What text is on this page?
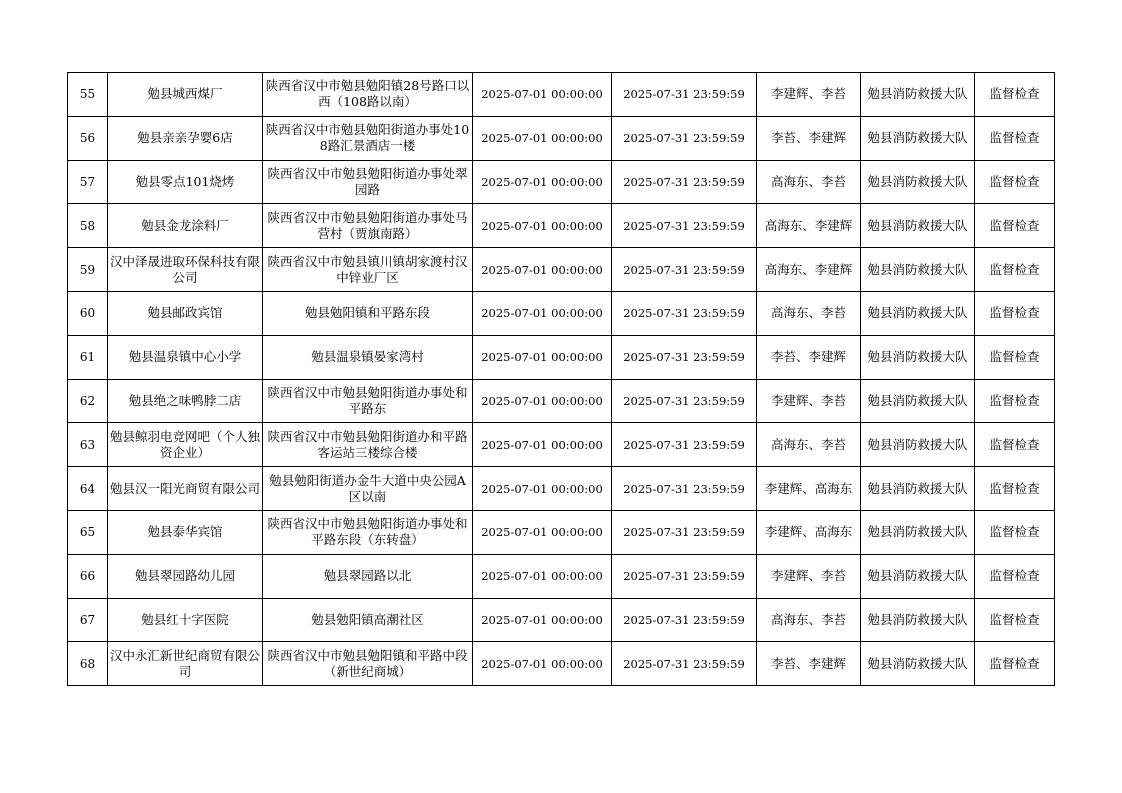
55	勉县城西煤厂	陕西省汉中市勉县勉阳镇28号路口以西（108路以南）	2025-07-01 00:00:00	2025-07-31 23:59:59	李建辉、李苔	勉县消防救援大队	监督检查
56	勉县亲亲孕婴6店	陕西省汉中市勉县勉阳街道办事处108路汇景酒店一楼	2025-07-01 00:00:00	2025-07-31 23:59:59	李苔、李建辉	勉县消防救援大队	监督检查
57	勉县零点101烧烤	陕西省汉中市勉县勉阳街道办事处翠园路	2025-07-01 00:00:00	2025-07-31 23:59:59	高海东、李苔	勉县消防救援大队	监督检查
58	勉县金龙涂料厂	陕西省汉中市勉县勉阳街道办事处马营村（贾旗南路）	2025-07-01 00:00:00	2025-07-31 23:59:59	高海东、李建辉	勉县消防救援大队	监督检查
59	汉中泽晟进取环保科技有限公司	陕西省汉中市勉县镇川镇胡家渡村汉中锌业厂区	2025-07-01 00:00:00	2025-07-31 23:59:59	高海东、李建辉	勉县消防救援大队	监督检查
60	勉县邮政宾馆	勉县勉阳镇和平路东段	2025-07-01 00:00:00	2025-07-31 23:59:59	高海东、李苔	勉县消防救援大队	监督检查
61	勉县温泉镇中心小学	勉县温泉镇晏家湾村	2025-07-01 00:00:00	2025-07-31 23:59:59	李苔、李建辉	勉县消防救援大队	监督检查
62	勉县绝之味鸭脖二店	陕西省汉中市勉县勉阳街道办事处和平路东	2025-07-01 00:00:00	2025-07-31 23:59:59	李建辉、李苔	勉县消防救援大队	监督检查
63	勉县鲸羽电竞网吧（个人独资企业）	陕西省汉中市勉县勉阳街道办和平路客运站三楼综合楼	2025-07-01 00:00:00	2025-07-31 23:59:59	高海东、李苔	勉县消防救援大队	监督检查
64	勉县汉一阳光商贸有限公司	勉县勉阳街道办金牛大道中央公园A区以南	2025-07-01 00:00:00	2025-07-31 23:59:59	李建辉、高海东	勉县消防救援大队	监督检查
65	勉县泰华宾馆	陕西省汉中市勉县勉阳街道办事处和平路东段（东转盘）	2025-07-01 00:00:00	2025-07-31 23:59:59	李建辉、高海东	勉县消防救援大队	监督检查
66	勉县翠园路幼儿园	勉县翠园路以北	2025-07-01 00:00:00	2025-07-31 23:59:59	李建辉、李苔	勉县消防救援大队	监督检查
67	勉县红十字医院	勉县勉阳镇高潮社区	2025-07-01 00:00:00	2025-07-31 23:59:59	高海东、李苔	勉县消防救援大队	监督检查
68	汉中永汇新世纪商贸有限公司	陕西省汉中市勉县勉阳镇和平路中段（新世纪商城）	2025-07-01 00:00:00	2025-07-31 23:59:59	李苔、李建辉	勉县消防救援大队	监督检查
